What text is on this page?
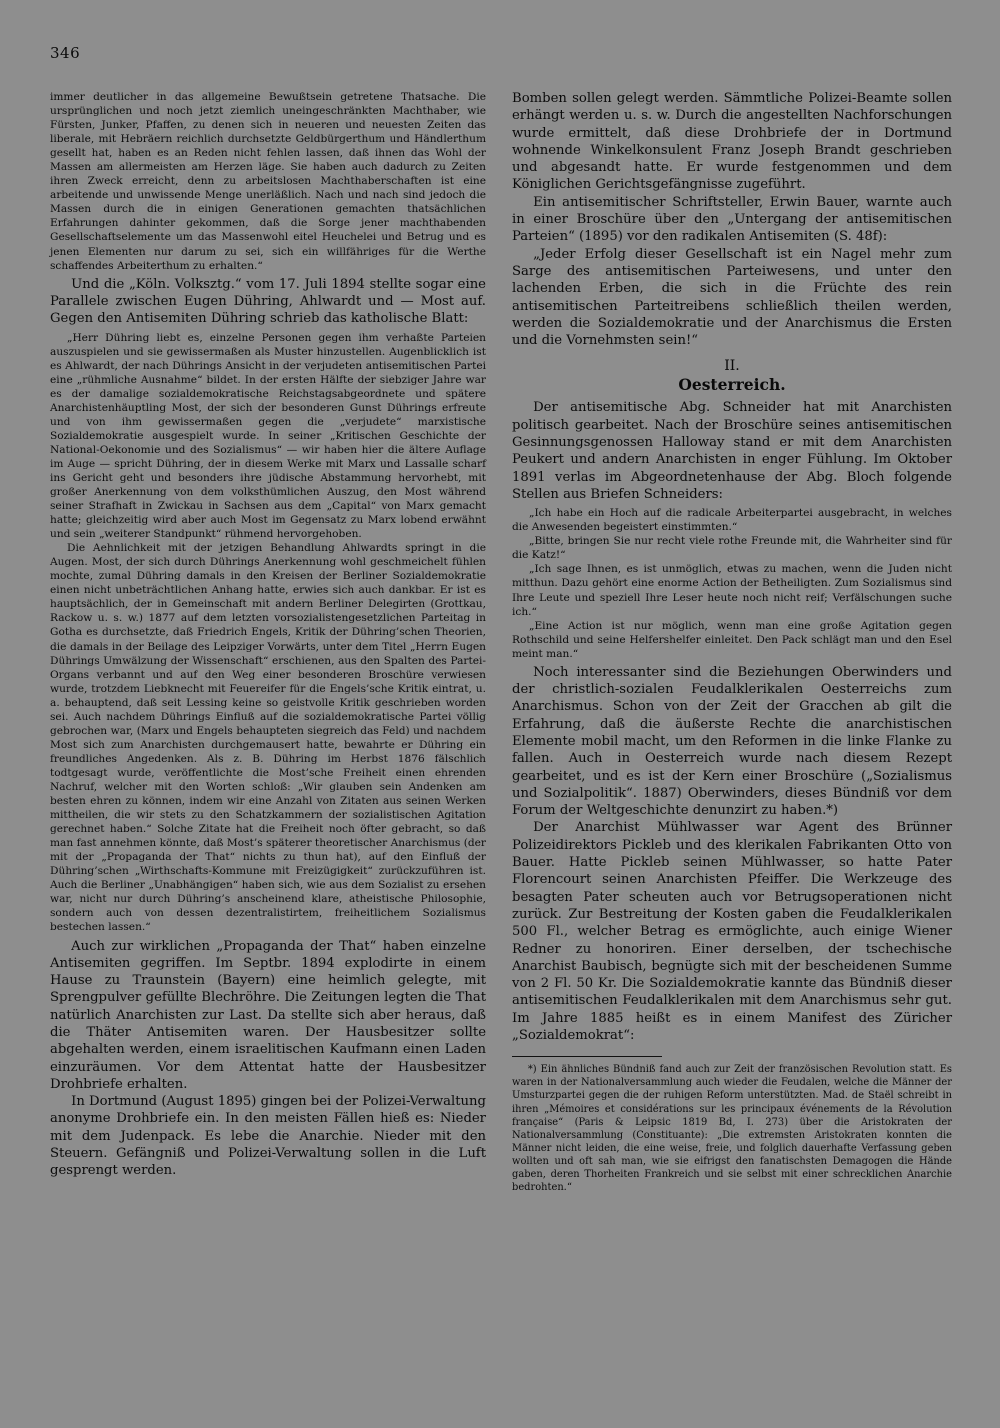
346

immer deutlicher in das allgemeine Bewußtsein getretene Thatsache. Die ursprünglichen und noch jetzt ziemlich uneingeschränkten Machthaber, wie Fürsten, Junker, Pfaffen, zu denen sich in neueren und neuesten Zeiten das liberale, mit Hebräern reichlich durchsetzte Geldbürgerthum und Händlerthum gesellt hat, haben es an Reden nicht fehlen lassen, daß ihnen das Wohl der Massen am allermeisten am Herzen läge. Sie haben auch dadurch zu Zeiten ihren Zweck erreicht, denn zu arbeitslosen Machthaberschaften ist eine arbeitende und unwissende Menge unerläßlich. Nach und nach sind jedoch die Massen durch die in einigen Generationen gemachten thatsächlichen Erfahrungen dahinter gekommen, daß die Sorge jener machthabenden Gesellschaftselemente um das Massenwohl eitel Heuchelei und Betrug und es jenen Elementen nur darum zu sei, sich ein willfähriges für die Werthe schaffendes Arbeiterthum zu erhalten.“

Und die „Köln. Volksztg.“ vom 17. Juli 1894 stellte sogar eine Parallele zwischen Eugen Dühring, Ahlwardt und — Most auf. Gegen den Antisemiten Dühring schrieb das katholische Blatt:

„Herr Dühring liebt es, einzelne Personen gegen ihm verhaßte Parteien auszuspielen und sie gewissermaßen als Muster hinzustellen. Augenblicklich ist es Ahlwardt, der nach Dührings Ansicht in der verjudeten antisemitischen Partei eine „rühmliche Ausnahme“ bildet. In der ersten Hälfte der siebziger Jahre war es der damalige sozialdemokratische Reichstagsabgeordnete und spätere Anarchistenhäuptling Most, der sich der besonderen Gunst Dührings erfreute und von ihm gewissermaßen gegen die „verjudete“ marxistische Sozialdemokratie ausgespielt wurde. In seiner „Kritischen Geschichte der National-Oekonomie und des Sozialismus“ — wir haben hier die ältere Auflage im Auge — spricht Dühring, der in diesem Werke mit Marx und Lassalle scharf ins Gericht geht und besonders ihre jüdische Abstammung hervorhebt, mit großer Anerkennung von dem volksthümlichen Auszug, den Most während seiner Strafhaft in Zwickau in Sachsen aus dem „Capital“ von Marx gemacht hatte; gleichzeitig wird aber auch Most im Gegensatz zu Marx lobend erwähnt und sein „weiterer Standpunkt“ rühmend hervorgehoben.

Die Aehnlichkeit mit der jetzigen Behandlung Ahlwardts springt in die Augen. Most, der sich durch Dührings Anerkennung wohl geschmeichelt fühlen mochte, zumal Dühring damals in den Kreisen der Berliner Sozialdemokratie einen nicht unbeträchtlichen Anhang hatte, erwies sich auch dankbar. Er ist es hauptsächlich, der in Gemeinschaft mit andern Berliner Delegirten (Grottkau, Rackow u. s. w.) 1877 auf dem letzten vorsozialistengesetzlichen Parteitag in Gotha es durchsetzte, daß Friedrich Engels, Kritik der Dühring’schen Theorien, die damals in der Beilage des Leipziger Vorwärts, unter dem Titel „Herrn Eugen Dührings Umwälzung der Wissenschaft“ erschienen, aus den Spalten des Partei-Organs verbannt und auf den Weg einer besonderen Broschüre verwiesen wurde, trotzdem Liebknecht mit Feuereifer für die Engels’sche Kritik eintrat, u. a. behauptend, daß seit Lessing keine so geistvolle Kritik geschrieben worden sei. Auch nachdem Dührings Einfluß auf die sozialdemokratische Partei völlig gebrochen war, (Marx und Engels behaupteten siegreich das Feld) und nachdem Most sich zum Anarchisten durchgemausert hatte, bewahrte er Dühring ein freundliches Angedenken. Als z. B. Dühring im Herbst 1876 fälschlich todtgesagt wurde, veröffentlichte die Most’sche Freiheit einen ehrenden Nachruf, welcher mit den Worten schloß: „Wir glauben sein Andenken am besten ehren zu können, indem wir eine Anzahl von Zitaten aus seinen Werken mittheilen, die wir stets zu den Schatzkammern der sozialistischen Agitation gerechnet haben.“ Solche Zitate hat die Freiheit noch öfter gebracht, so daß man fast annehmen könnte, daß Most’s späterer theoretischer Anarchismus (der mit der „Propaganda der That“ nichts zu thun hat), auf den Einfluß der Dühring’schen „Wirthschafts-Kommune mit Freizügigkeit“ zurückzuführen ist. Auch die Berliner „Unabhängigen“ haben sich, wie aus dem Sozialist zu ersehen war, nicht nur durch Dühring’s anscheinend klare, atheistische Philosophie, sondern auch von dessen dezentralistirtem, freiheitlichem Sozialismus bestechen lassen.“

Auch zur wirklichen „Propaganda der That“ haben einzelne Antisemiten gegriffen. Im Septbr. 1894 explodirte in einem Hause zu Traunstein (Bayern) eine heimlich gelegte, mit Sprengpulver gefüllte Blechröhre. Die Zeitungen legten die That natürlich Anarchisten zur Last. Da stellte sich aber heraus, daß die Thäter Antisemiten waren. Der Hausbesitzer sollte abgehalten werden, einem israelitischen Kaufmann einen Laden einzuräumen. Vor dem Attentat hatte der Hausbesitzer Drohbriefe erhalten.

In Dortmund (August 1895) gingen bei der Polizei-Verwaltung anonyme Drohbriefe ein. In den meisten Fällen hieß es: Nieder mit dem Judenpack. Es lebe die Anarchie. Nieder mit den Steuern. Gefängniß und Polizei-Verwaltung sollen in die Luft gesprengt werden.

Bomben sollen gelegt werden. Sämmtliche Polizei-Beamte sollen erhängt werden u. s. w. Durch die angestellten Nachforschungen wurde ermittelt, daß diese Drohbriefe der in Dortmund wohnende Winkelkonsulent Franz Joseph Brandt geschrieben und abgesandt hatte. Er wurde festgenommen und dem Königlichen Gerichtsgefängnisse zugeführt.

Ein antisemitischer Schriftsteller, Erwin Bauer, warnte auch in einer Broschüre über den „Untergang der antisemitischen Parteien“ (1895) vor den radikalen Antisemiten (S. 48f):

„Jeder Erfolg dieser Gesellschaft ist ein Nagel mehr zum Sarge des antisemitischen Parteiwesens, und unter den lachenden Erben, die sich in die Früchte des rein antisemitischen Parteitreibens schließlich theilen werden, werden die Sozialdemokratie und der Anarchismus die Ersten und die Vornehmsten sein!“

II.
Oesterreich.

Der antisemitische Abg. Schneider hat mit Anarchisten politisch gearbeitet. Nach der Broschüre seines antisemitischen Gesinnungsgenossen Halloway stand er mit dem Anarchisten Peukert und andern Anarchisten in enger Fühlung. Im Oktober 1891 verlas im Abgeordnetenhause der Abg. Bloch folgende Stellen aus Briefen Schneiders:

„Ich habe ein Hoch auf die radicale Arbeiterpartei ausgebracht, in welches die Anwesenden begeistert einstimmten.“

„Bitte, bringen Sie nur recht viele rothe Freunde mit, die Wahrheiter sind für die Katz!“

„Ich sage Ihnen, es ist unmöglich, etwas zu machen, wenn die Juden nicht mitthun. Dazu gehört eine enorme Action der Betheiligten. Zum Sozialismus sind Ihre Leute und speziell Ihre Leser heute noch nicht reif; Verfälschungen suche ich.“

„Eine Action ist nur möglich, wenn man eine große Agitation gegen Rothschild und seine Helfershelfer einleitet. Den Pack schlägt man und den Esel meint man.“

Noch interessanter sind die Beziehungen Oberwinders und der christlich-sozialen Feudalklerikalen Oesterreichs zum Anarchismus. Schon von der Zeit der Gracchen ab gilt die Erfahrung, daß die äußerste Rechte die anarchistischen Elemente mobil macht, um den Reformen in die linke Flanke zu fallen. Auch in Oesterreich wurde nach diesem Rezept gearbeitet, und es ist der Kern einer Broschüre („Sozialismus und Sozialpolitik“. 1887) Oberwinders, dieses Bündniß vor dem Forum der Weltgeschichte denunzirt zu haben.*)

Der Anarchist Mühlwasser war Agent des Brünner Polizeidirektors Pickleb und des klerikalen Fabrikanten Otto von Bauer. Hatte Pickleb seinen Mühlwasser, so hatte Pater Florencourt seinen Anarchisten Pfeiffer. Die Werkzeuge des besagten Pater scheuten auch vor Betrugsoperationen nicht zurück. Zur Bestreitung der Kosten gaben die Feudalklerikalen 500 Fl., welcher Betrag es ermöglichte, auch einige Wiener Redner zu honoriren. Einer derselben, der tschechische Anarchist Baubisch, begnügte sich mit der bescheidenen Summe von 2 Fl. 50 Kr. Die Sozialdemokratie kannte das Bündniß dieser antisemitischen Feudalklerikalen mit dem Anarchismus sehr gut. Im Jahre 1885 heißt es in einem Manifest des Züricher „Sozialdemokrat“:

*) Ein ähnliches Bündniß fand auch zur Zeit der französischen Revolution statt. Es waren in der Nationalversammlung auch wieder die Feudalen, welche die Männer der Umsturzpartei gegen die der ruhigen Reform unterstützten. Mad. de Staël schreibt in ihren „Mémoires et considérations sur les principaux événements de la Révolution française“ (Paris & Leipsic 1819 Bd, I. 273) über die Aristokraten der Nationalversammlung (Constituante): „Die extremsten Aristokraten konnten die Männer nicht leiden, die eine weise, freie, und folglich dauerhafte Verfassung geben wollten und oft sah man, wie sie eifrigst den fanatischsten Demagogen die Hände gaben, deren Thorheiten Frankreich und sie selbst mit einer schrecklichen Anarchie bedrohten.“
